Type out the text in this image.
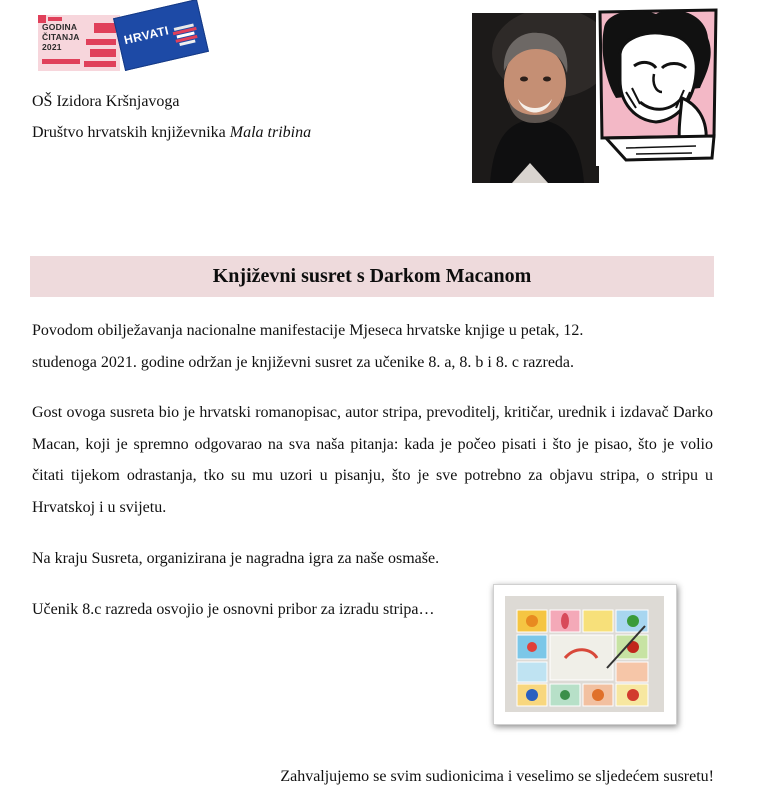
GODINA
ČITANJA
2021	HRVATI
OŠ Izidora Kršnjavoga
Društvo hrvatskih književnika Mala tribina
Književni susret s Darkom Macanom
Povodom obilježavanja nacionalne manifestacije Mjeseca hrvatske knjige u petak, 12.
studenoga 2021. godine održan je književni susret za učenike 8. a, 8. b i 8. c razreda.

Gost ovoga susreta bio je hrvatski romanopisac, autor stripa, prevoditelj, kritičar, urednik i izdavač Darko Macan, koji je spremno odgovarao na sva naša pitanja: kada je počeo pisati i što je pisao, što je volio čitati tijekom odrastanja, tko su mu uzori u pisanju, što je sve potrebno za objavu stripa, o stripu u Hrvatskoj i u svijetu.

Na kraju Susreta, organizirana je nagradna igra za naše osmaše.

Učenik 8.c razreda osvojio je osnovni pribor za izradu stripa…

Zahvaljujemo se svim sudionicima i veselimo se sljedećem susretu!
